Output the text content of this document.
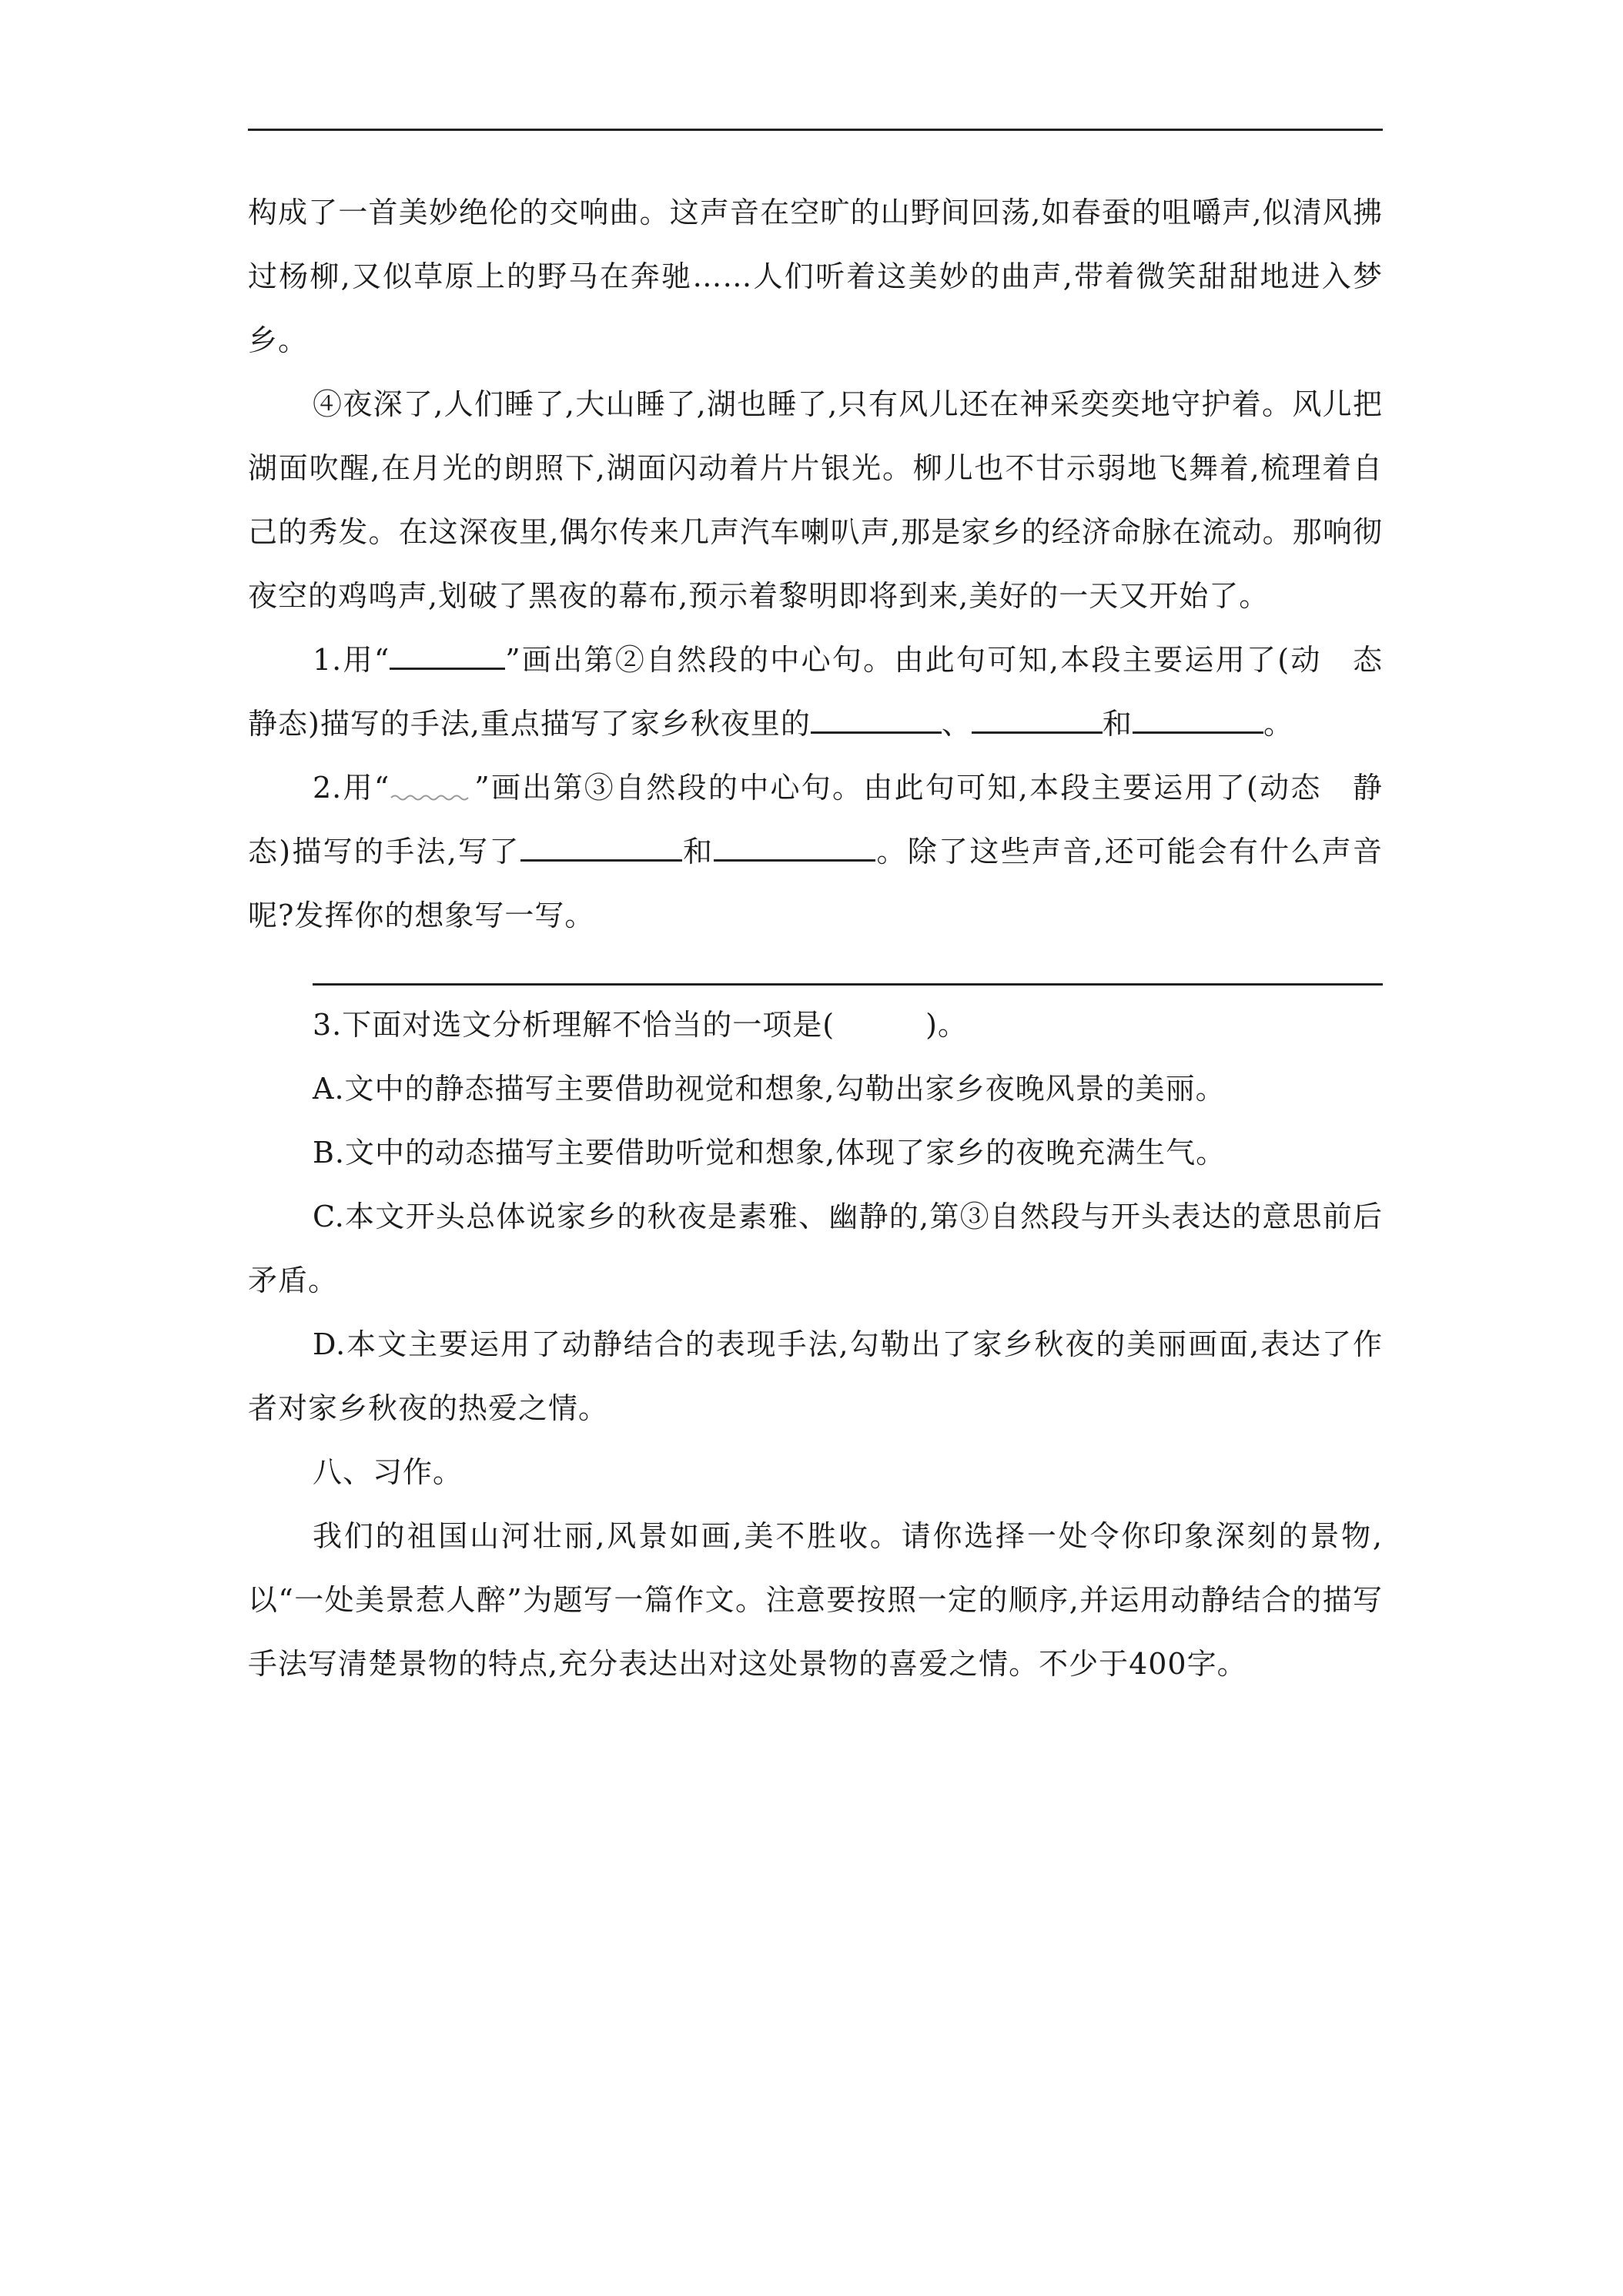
构成了一首美妙绝伦的交响曲。这声音在空旷的山野间回荡,如春蚕的咀嚼声,似清风拂过杨柳,又似草原上的野马在奔驰……人们听着这美妙的曲声,带着微笑甜甜地进入梦乡。

④夜深了,人们睡了,大山睡了,湖也睡了,只有风儿还在神采奕奕地守护着。风儿把湖面吹醒,在月光的朗照下,湖面闪动着片片银光。柳儿也不甘示弱地飞舞着,梳理着自己的秀发。在这深夜里,偶尔传来几声汽车喇叭声,那是家乡的经济命脉在流动。那响彻夜空的鸡鸣声,划破了黑夜的幕布,预示着黎明即将到来,美好的一天又开始了。

1.用“	”画出第②自然段的中心句。由此句可知,本段主要运用了(动　态　静态)描写的手法,重点描写了家乡秋夜里的	、	和	。

2.用“	”画出第③自然段的中心句。由此句可知,本段主要运用了(动态　静态)描写的手法,写了	和	。除了这些声音,还可能会有什么声音呢?发挥你的想象写一写。

3.下面对选文分析理解不恰当的一项是(	)。

A.文中的静态描写主要借助视觉和想象,勾勒出家乡夜晚风景的美丽。

B.文中的动态描写主要借助听觉和想象,体现了家乡的夜晚充满生气。

C.本文开头总体说家乡的秋夜是素雅、幽静的,第③自然段与开头表达的意思前后矛盾。

D.本文主要运用了动静结合的表现手法,勾勒出了家乡秋夜的美丽画面,表达了作者对家乡秋夜的热爱之情。

八、习作。

我们的祖国山河壮丽,风景如画,美不胜收。请你选择一处令你印象深刻的景物,以“一处美景惹人醉”为题写一篇作文。注意要按照一定的顺序,并运用动静结合的描写手法写清楚景物的特点,充分表达出对这处景物的喜爱之情。不少于400字。
